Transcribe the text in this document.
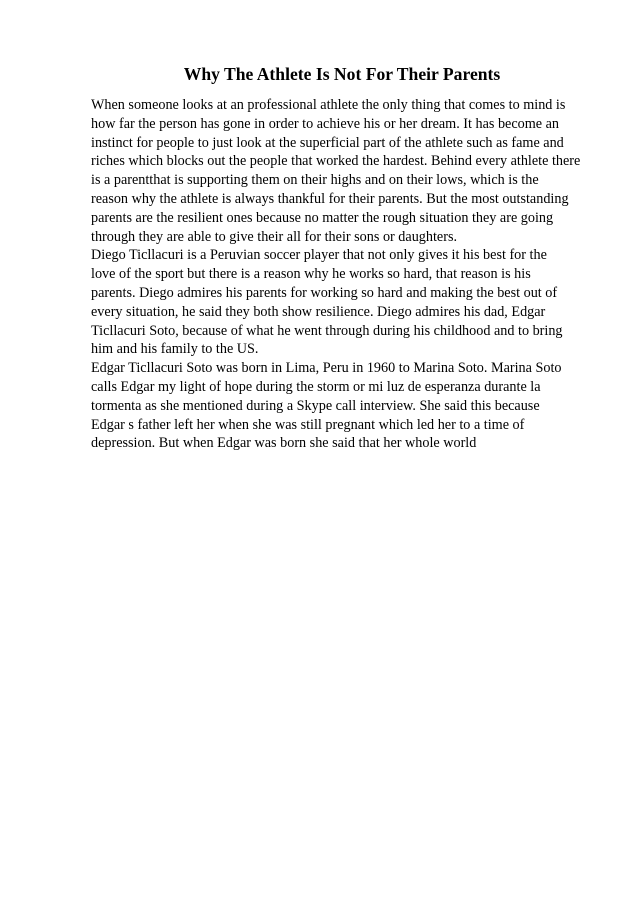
Why The Athlete Is Not For Their Parents
When someone looks at an professional athlete the only thing that comes to mind is
how far the person has gone in order to achieve his or her dream. It has become an
instinct for people to just look at the superficial part of the athlete such as fame and
riches which blocks out the people that worked the hardest. Behind every athlete there
is a parentthat is supporting them on their highs and on their lows, which is the
reason why the athlete is always thankful for their parents. But the most outstanding
parents are the resilient ones because no matter the rough situation they are going
through they are able to give their all for their sons or daughters.
Diego Ticllacuri is a Peruvian soccer player that not only gives it his best for the
love of the sport but there is a reason why he works so hard, that reason is his
parents. Diego admires his parents for working so hard and making the best out of
every situation, he said they both show resilience. Diego admires his dad, Edgar
Ticllacuri Soto, because of what he went through during his childhood and to bring
him and his family to the US.
Edgar Ticllacuri Soto was born in Lima, Peru in 1960 to Marina Soto. Marina Soto
calls Edgar my light of hope during the storm or mi luz de esperanza durante la
tormenta as she mentioned during a Skype call interview. She said this because
Edgar s father left her when she was still pregnant which led her to a time of
depression. But when Edgar was born she said that her whole world
